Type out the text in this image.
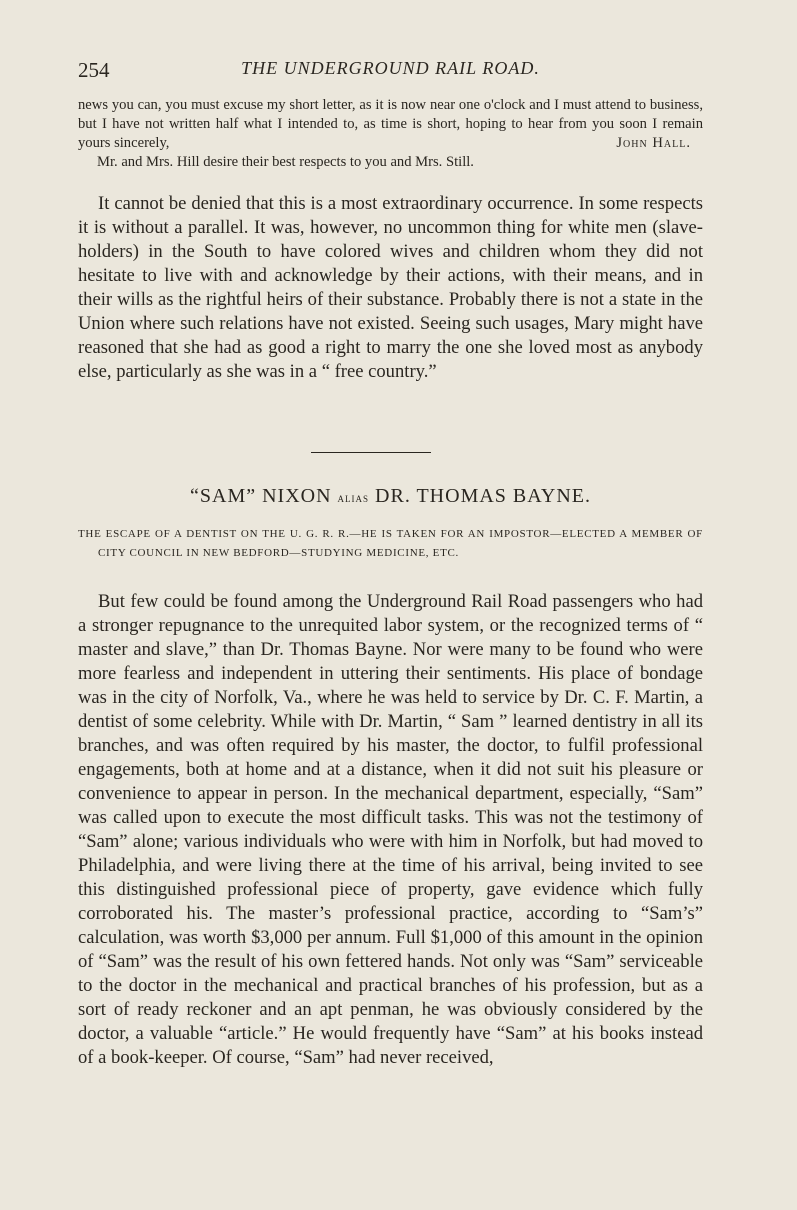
254	THE UNDERGROUND RAIL ROAD.

news you can, you must excuse my short letter, as it is now near one o'clock and I must attend to business, but I have not written half what I intended to, as time is short, hoping to hear from you soon I remain yours sincerely,	John Hall.

Mr. and Mrs. Hill desire their best respects to you and Mrs. Still.

It cannot be denied that this is a most extraordinary occurrence. In some respects it is without a parallel. It was, however, no uncommon thing for white men (slave-holders) in the South to have colored wives and children whom they did not hesitate to live with and acknowledge by their actions, with their means, and in their wills as the rightful heirs of their substance. Probably there is not a state in the Union where such relations have not existed. Seeing such usages, Mary might have reasoned that she had as good a right to marry the one she loved most as anybody else, particularly as she was in a “ free country.”

“SAM” NIXON alias DR. THOMAS BAYNE.

THE ESCAPE OF A DENTIST ON THE U. G. R. R.—HE IS TAKEN FOR AN IMPOSTOR—ELECTED A MEMBER OF CITY COUNCIL IN NEW BEDFORD—STUDYING MEDICINE, ETC.

But few could be found among the Underground Rail Road passengers who had a stronger repugnance to the unrequited labor system, or the recognized terms of “ master and slave,” than Dr. Thomas Bayne. Nor were many to be found who were more fearless and independent in uttering their sentiments. His place of bondage was in the city of Norfolk, Va., where he was held to service by Dr. C. F. Martin, a dentist of some celebrity. While with Dr. Martin, “ Sam ” learned dentistry in all its branches, and was often required by his master, the doctor, to fulfil professional engagements, both at home and at a distance, when it did not suit his pleasure or convenience to appear in person. In the mechanical department, especially, “Sam” was called upon to execute the most difficult tasks. This was not the testimony of “Sam” alone; various individuals who were with him in Norfolk, but had moved to Philadelphia, and were living there at the time of his arrival, being invited to see this distinguished professional piece of property, gave evidence which fully corroborated his. The master’s professional practice, according to “Sam’s” calculation, was worth $3,000 per annum. Full $1,000 of this amount in the opinion of “Sam” was the result of his own fettered hands. Not only was “Sam” serviceable to the doctor in the mechanical and practical branches of his profession, but as a sort of ready reckoner and an apt penman, he was obviously considered by the doctor, a valuable “article.” He would frequently have “Sam” at his books instead of a book-keeper. Of course, “Sam” had never received,
